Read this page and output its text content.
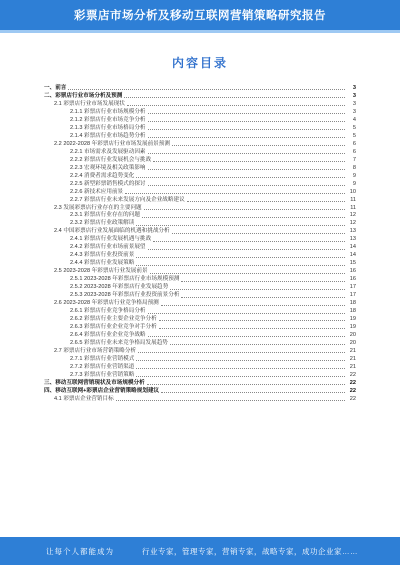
彩票店市场分析及移动互联网营销策略研究报告
内容目录
一、前言	3
二、彩票店行业市场分析及预测	3
2.1 彩票店行业市场发展现状	3
2.1.1 彩票店行业市场规模分析	3
2.1.2 彩票店行业市场竞争分析	4
2.1.3 彩票店行业市场格局分析	5
2.1.4 彩票店行业市场趋势分析	5
2.2 2022-2028 年彩票店行业市场发展前景预测	6
2.2.1 市场需求及发展驱动因素	6
2.2.2 彩票店行业发展机会与挑战	7
2.2.3 宏观环境及相关政策影响	8
2.2.4 消费者需求趋势变化	9
2.2.5 新型彩票销售模式的探讨	9
2.2.6 新技术应用前景	10
2.2.7 彩票店行业未来发展方向及企业战略建议	11
2.3 发展彩票店行业存在的主要问题	11
2.3.1 彩票店行业存在的问题	12
2.3.2 彩票店行业政策解读	12
2.4 中国彩票店行业发展面临的机遇和挑战分析	13
2.4.1 彩票店行业发展机遇与挑战	13
2.4.2 彩票店行业市场前景展望	14
2.4.3 彩票店行业投资前景	14
2.4.4 彩票店行业发展策略	15
2.5 2023-2028 年彩票店行业发展前景	16
2.5.1 2023-2028 年彩票店行业市场规模预测	16
2.5.2 2023-2028 年彩票店行业发展趋势	17
2.5.3 2023-2028 年彩票店行业投资前景分析	17
2.6 2023-2028 年彩票店行业竞争格局预测	18
2.6.1 彩票店行业竞争格局分析	18
2.6.2 彩票店行业主要企业竞争分析	19
2.6.3 彩票店行业企业竞争对手分析	19
2.6.4 彩票店行业企业竞争战略	20
2.6.5 彩票店行业未来竞争格局发展趋势	20
2.7 彩票店行业市场营销策略分析	21
2.7.1 彩票店行业营销模式	21
2.7.2 彩票店行业营销渠道	21
2.7.3 彩票店行业营销策略	22
三、移动互联网营销现状及市场规模分析	22
四、移动互联网+彩票店企业营销策略规划建议	22
4.1 彩票店企业营销目标	22
让每个人都能成为	行业专家，管理专家，营销专家，战略专家，成功企业家……
